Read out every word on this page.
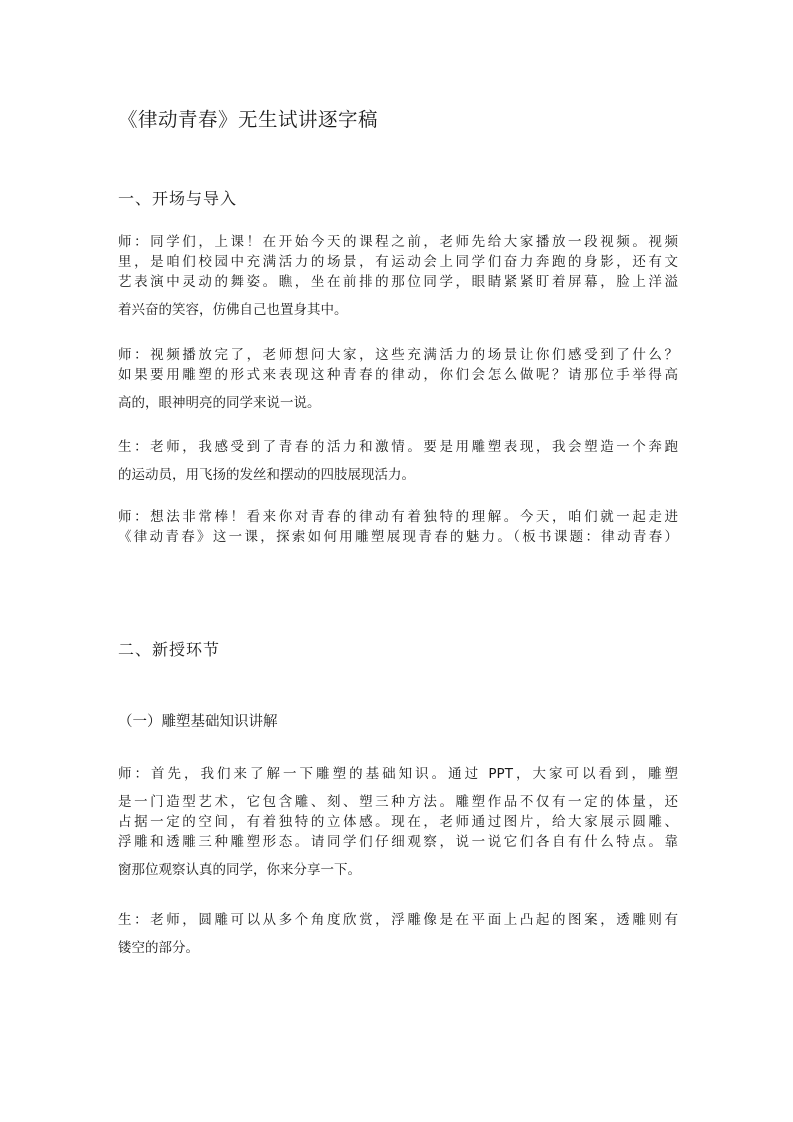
《律动青春》无生试讲逐字稿
一、开场与导入
师：同学们，上课！在开始今天的课程之前，老师先给大家播放一段视频。视频
里，是咱们校园中充满活力的场景，有运动会上同学们奋力奔跑的身影，还有文
艺表演中灵动的舞姿。瞧，坐在前排的那位同学，眼睛紧紧盯着屏幕，脸上洋溢
着兴奋的笑容，仿佛自己也置身其中。
师：视频播放完了，老师想问大家，这些充满活力的场景让你们感受到了什么？
如果要用雕塑的形式来表现这种青春的律动，你们会怎么做呢？请那位手举得高
高的，眼神明亮的同学来说一说。
生：老师，我感受到了青春的活力和激情。要是用雕塑表现，我会塑造一个奔跑
的运动员，用飞扬的发丝和摆动的四肢展现活力。
师：想法非常棒！看来你对青春的律动有着独特的理解。今天，咱们就一起走进
《律动青春》这一课，探索如何用雕塑展现青春的魅力。（板书课题：律动青春）
二、新授环节
（一）雕塑基础知识讲解
师：首先，我们来了解一下雕塑的基础知识。通过 PPT，大家可以看到，雕塑
是一门造型艺术，它包含雕、刻、塑三种方法。雕塑作品不仅有一定的体量，还
占据一定的空间，有着独特的立体感。现在，老师通过图片，给大家展示圆雕、
浮雕和透雕三种雕塑形态。请同学们仔细观察，说一说它们各自有什么特点。靠
窗那位观察认真的同学，你来分享一下。
生：老师，圆雕可以从多个角度欣赏，浮雕像是在平面上凸起的图案，透雕则有
镂空的部分。
